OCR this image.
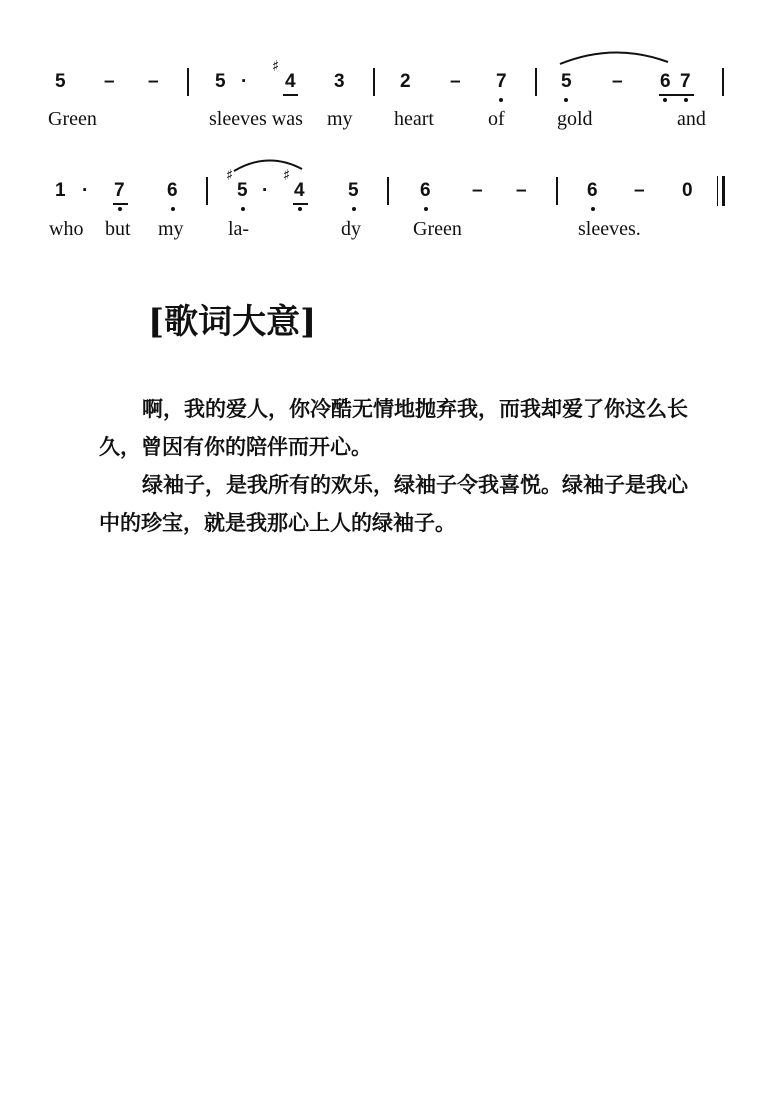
5 – –	5 ·
♯
4 3	2 – 7	5 – 6 7
Green	sleeves was my heart	of	gold	and
1 · 7 6
♯
5 ·
♯
4 5	6 – –	6 – 0
who but my la-	dy	Green	sleeves.
[歌词大意]

啊，我的爱人，你冷酷无情地抛弃我，而我却爱了你这么长久，曾因有你的陪伴而开心。

绿袖子，是我所有的欢乐，绿袖子令我喜悦。绿袖子是我心中的珍宝，就是我那心上人的绿袖子。
